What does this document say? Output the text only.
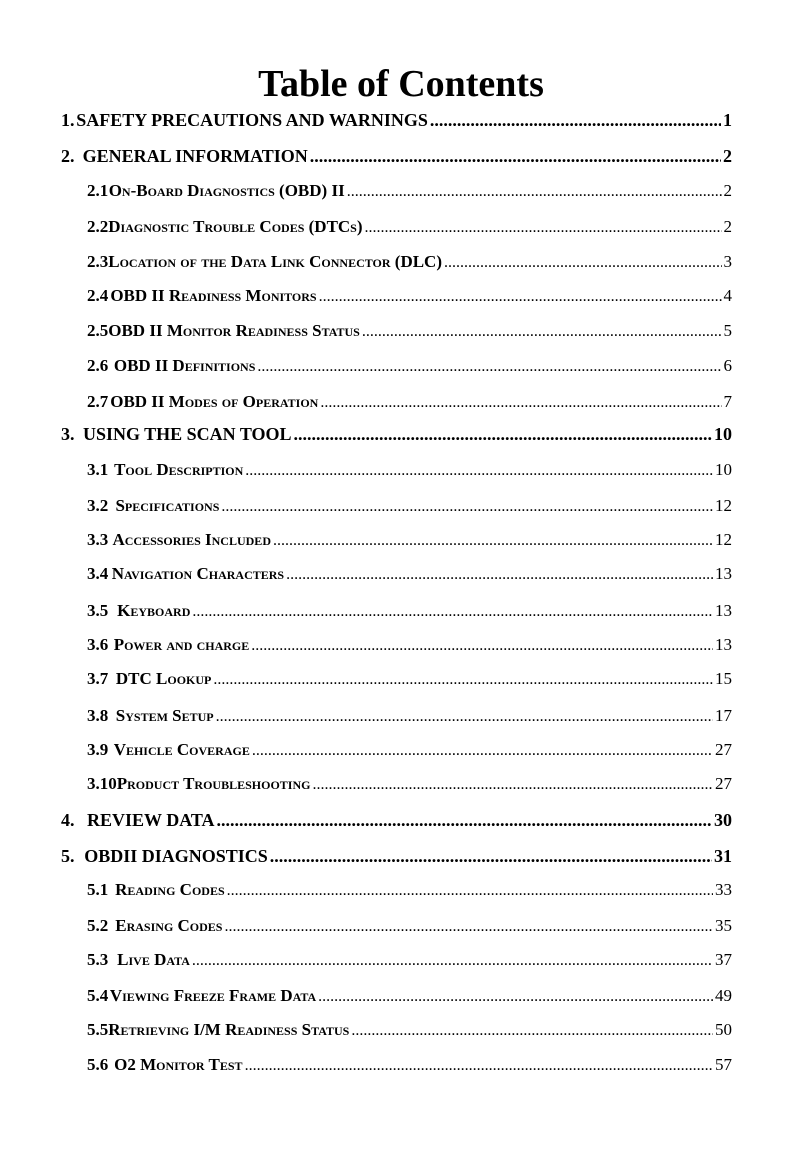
Table of Contents
1. SAFETY PRECAUTIONS AND WARNINGS .....	1
2. GENERAL INFORMATION .....	2
2.1 On-Board Diagnostics (OBD) II .....	2
2.2 Diagnostic Trouble Codes (DTCs) .....	2
2.3 Location of the Data Link Connector (DLC) .....	3
2.4 OBD II Readiness Monitors .....	4
2.5 OBD II Monitor Readiness Status .....	5
2.6 OBD II Definitions .....	6
2.7 OBD II Modes of Operation .....	7
3. USING THE SCAN TOOL .....	10
3.1 Tool Description .....	10
3.2 Specifications .....	12
3.3 Accessories Included .....	12
3.4 Navigation Characters .....	13
3.5 Keyboard .....	13
3.6 Power and charge .....	13
3.7 DTC Lookup .....	15
3.8 System Setup .....	17
3.9 Vehicle Coverage .....	27
3.10 Product Troubleshooting .....	27
4. REVIEW DATA .....	30
5. OBDII DIAGNOSTICS .....	31
5.1 Reading Codes .....	33
5.2 Erasing Codes .....	35
5.3 Live Data .....	37
5.4 Viewing Freeze Frame Data .....	49
5.5 Retrieving I/M Readiness Status .....	50
5.6 O2 Monitor Test .....	57
